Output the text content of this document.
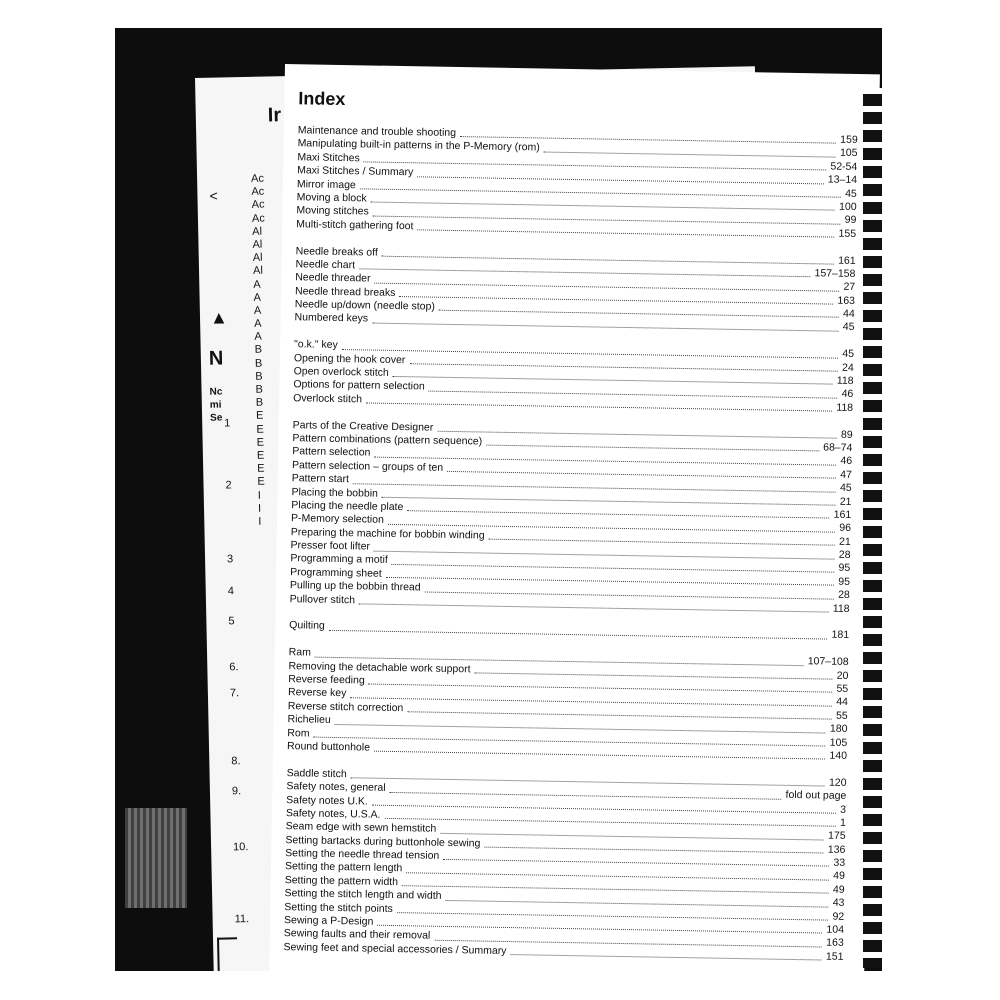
Ir
<
▲
N
Nc
mi
Se
Ac
Ac
Ac
Ac
Al
Al
Al
Al
A
A
A
A
A
B
B
B
B
B
E
E
E
E
E
E
I
I
I
1
2
3
4
5
6.
7.
8.
9.
10.
11.
Index
Maintenance and trouble shooting
159
Manipulating built-in patterns in the P-Memory (rom)	105
Maxi Stitches
52-54
Maxi Stitches / Summary
13–14
Mirror image
45
Moving a block
100
Moving stitches
99
Multi-stitch gathering foot
155
Needle breaks off
161
Needle chart
157–158
Needle threader
27
Needle thread breaks
163
Needle up/down (needle stop)
44
Numbered keys
45
"o.k." key
45
Opening the hook cover
24
Open overlock stitch
118
Options for pattern selection
46
Overlock stitch
118
Parts of the Creative Designer
89
Pattern combinations (pattern sequence)
68–74
Pattern selection
46
Pattern selection – groups of ten
47
Pattern start
45
Placing the bobbin
21
Placing the needle plate
161
P-Memory selection
96
Preparing the machine for bobbin winding
21
Presser foot lifter
28
Programming a motif
95
Programming sheet
95
Pulling up the bobbin thread
28
Pullover stitch
118
Quilting
181
Ram
107–108
Removing the detachable work support
20
Reverse feeding
55
Reverse key
44
Reverse stitch correction
55
Richelieu
180
Rom
105
Round buttonhole
140
Saddle stitch
120
Safety notes, general
fold out page
Safety notes U.K.
3
Safety notes, U.S.A.
1
Seam edge with sewn hemstitch
175
Setting bartacks during buttonhole sewing
136
Setting the needle thread tension
33
Setting the pattern length
49
Setting the pattern width
49
Setting the stitch length and width
43
Setting the stitch points
92
Sewing a P-Design
104
Sewing faults and their removal
163
Sewing feet and special accessories / Summary	151
